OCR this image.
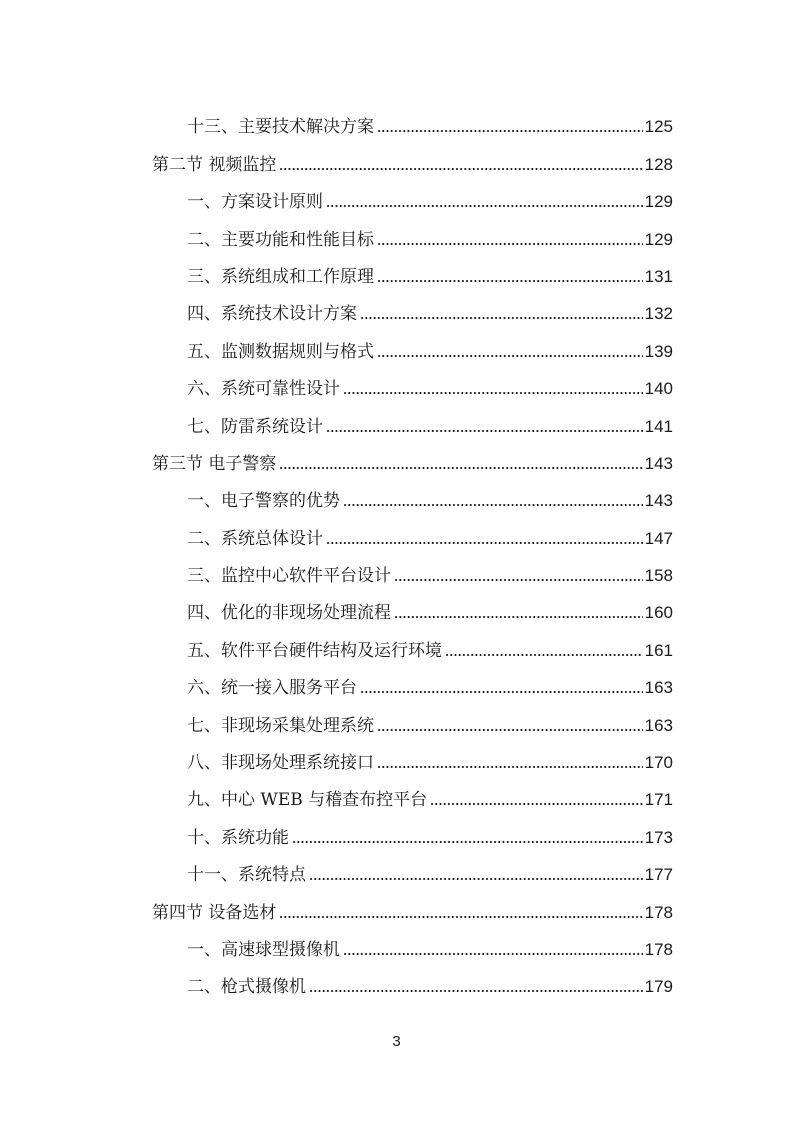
十三、主要技术解决方案	125
第二节 视频监控	128
一、方案设计原则	129
二、主要功能和性能目标	129
三、系统组成和工作原理	131
四、系统技术设计方案	132
五、监测数据规则与格式	139
六、系统可靠性设计	140
七、防雷系统设计	141
第三节 电子警察	143
一、电子警察的优势	143
二、系统总体设计	147
三、监控中心软件平台设计	158
四、优化的非现场处理流程	160
五、软件平台硬件结构及运行环境	161
六、统一接入服务平台	163
七、非现场采集处理系统	163
八、非现场处理系统接口	170
九、中心 WEB 与稽查布控平台	171
十、系统功能	173
十一、系统特点	177
第四节 设备选材	178
一、高速球型摄像机	178
二、枪式摄像机	179
3
